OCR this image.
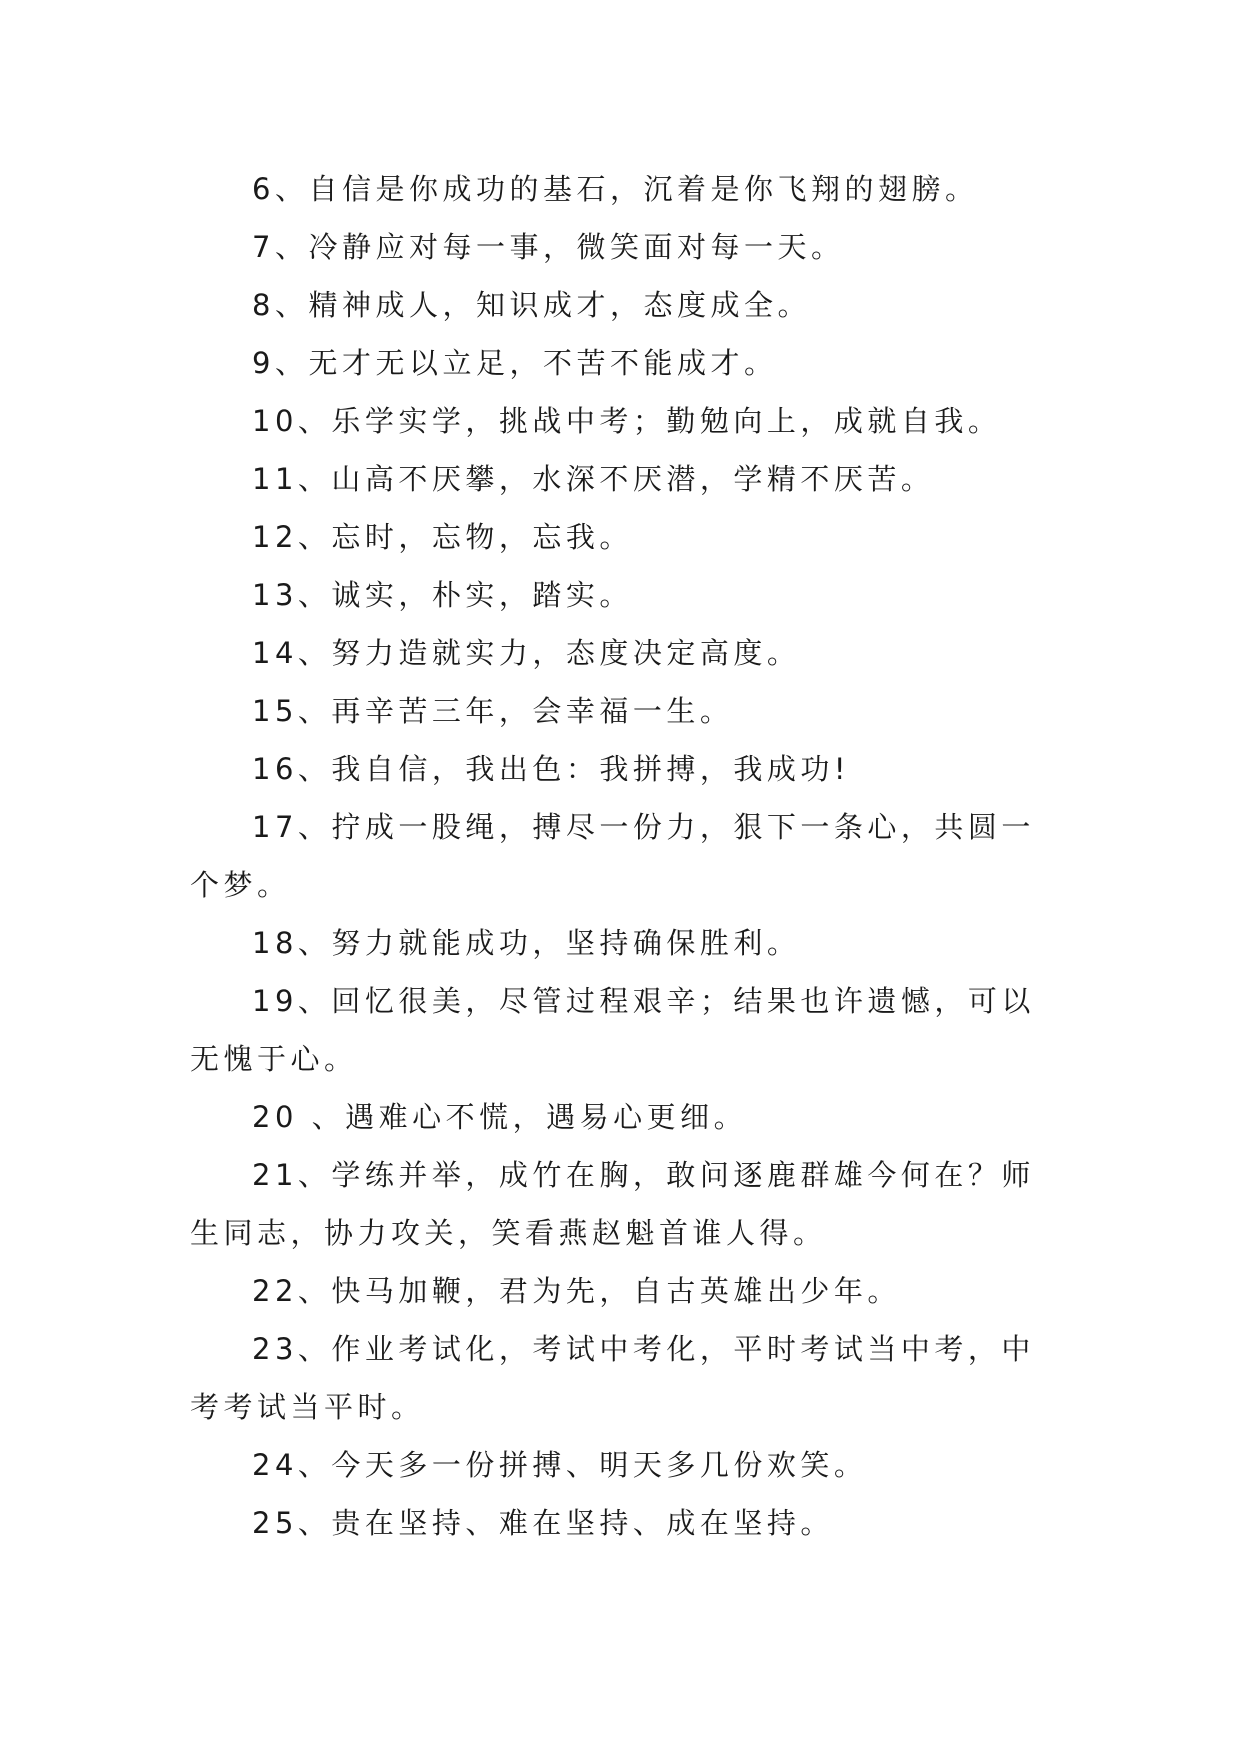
6、自信是你成功的基石，沉着是你飞翔的翅膀。

7、冷静应对每一事，微笑面对每一天。

8、精神成人，知识成才，态度成全。

9、无才无以立足，不苦不能成才。

10、乐学实学，挑战中考；勤勉向上，成就自我。

11、山高不厌攀，水深不厌潜，学精不厌苦。

12、忘时，忘物，忘我。

13、诚实，朴实，踏实。

14、努力造就实力，态度决定高度。

15、再辛苦三年，会幸福一生。

16、我自信，我出色：我拼搏，我成功!

17、拧成一股绳，搏尽一份力，狠下一条心，共圆一个梦。

18、努力就能成功，坚持确保胜利。

19、回忆很美，尽管过程艰辛；结果也许遗憾，可以无愧于心。

20 、遇难心不慌，遇易心更细。

21、学练并举，成竹在胸，敢问逐鹿群雄今何在？师生同志，协力攻关，笑看燕赵魁首谁人得。

22、快马加鞭，君为先，自古英雄出少年。

23、作业考试化，考试中考化，平时考试当中考，中考考试当平时。

24、今天多一份拼搏、明天多几份欢笑。

25、贵在坚持、难在坚持、成在坚持。
